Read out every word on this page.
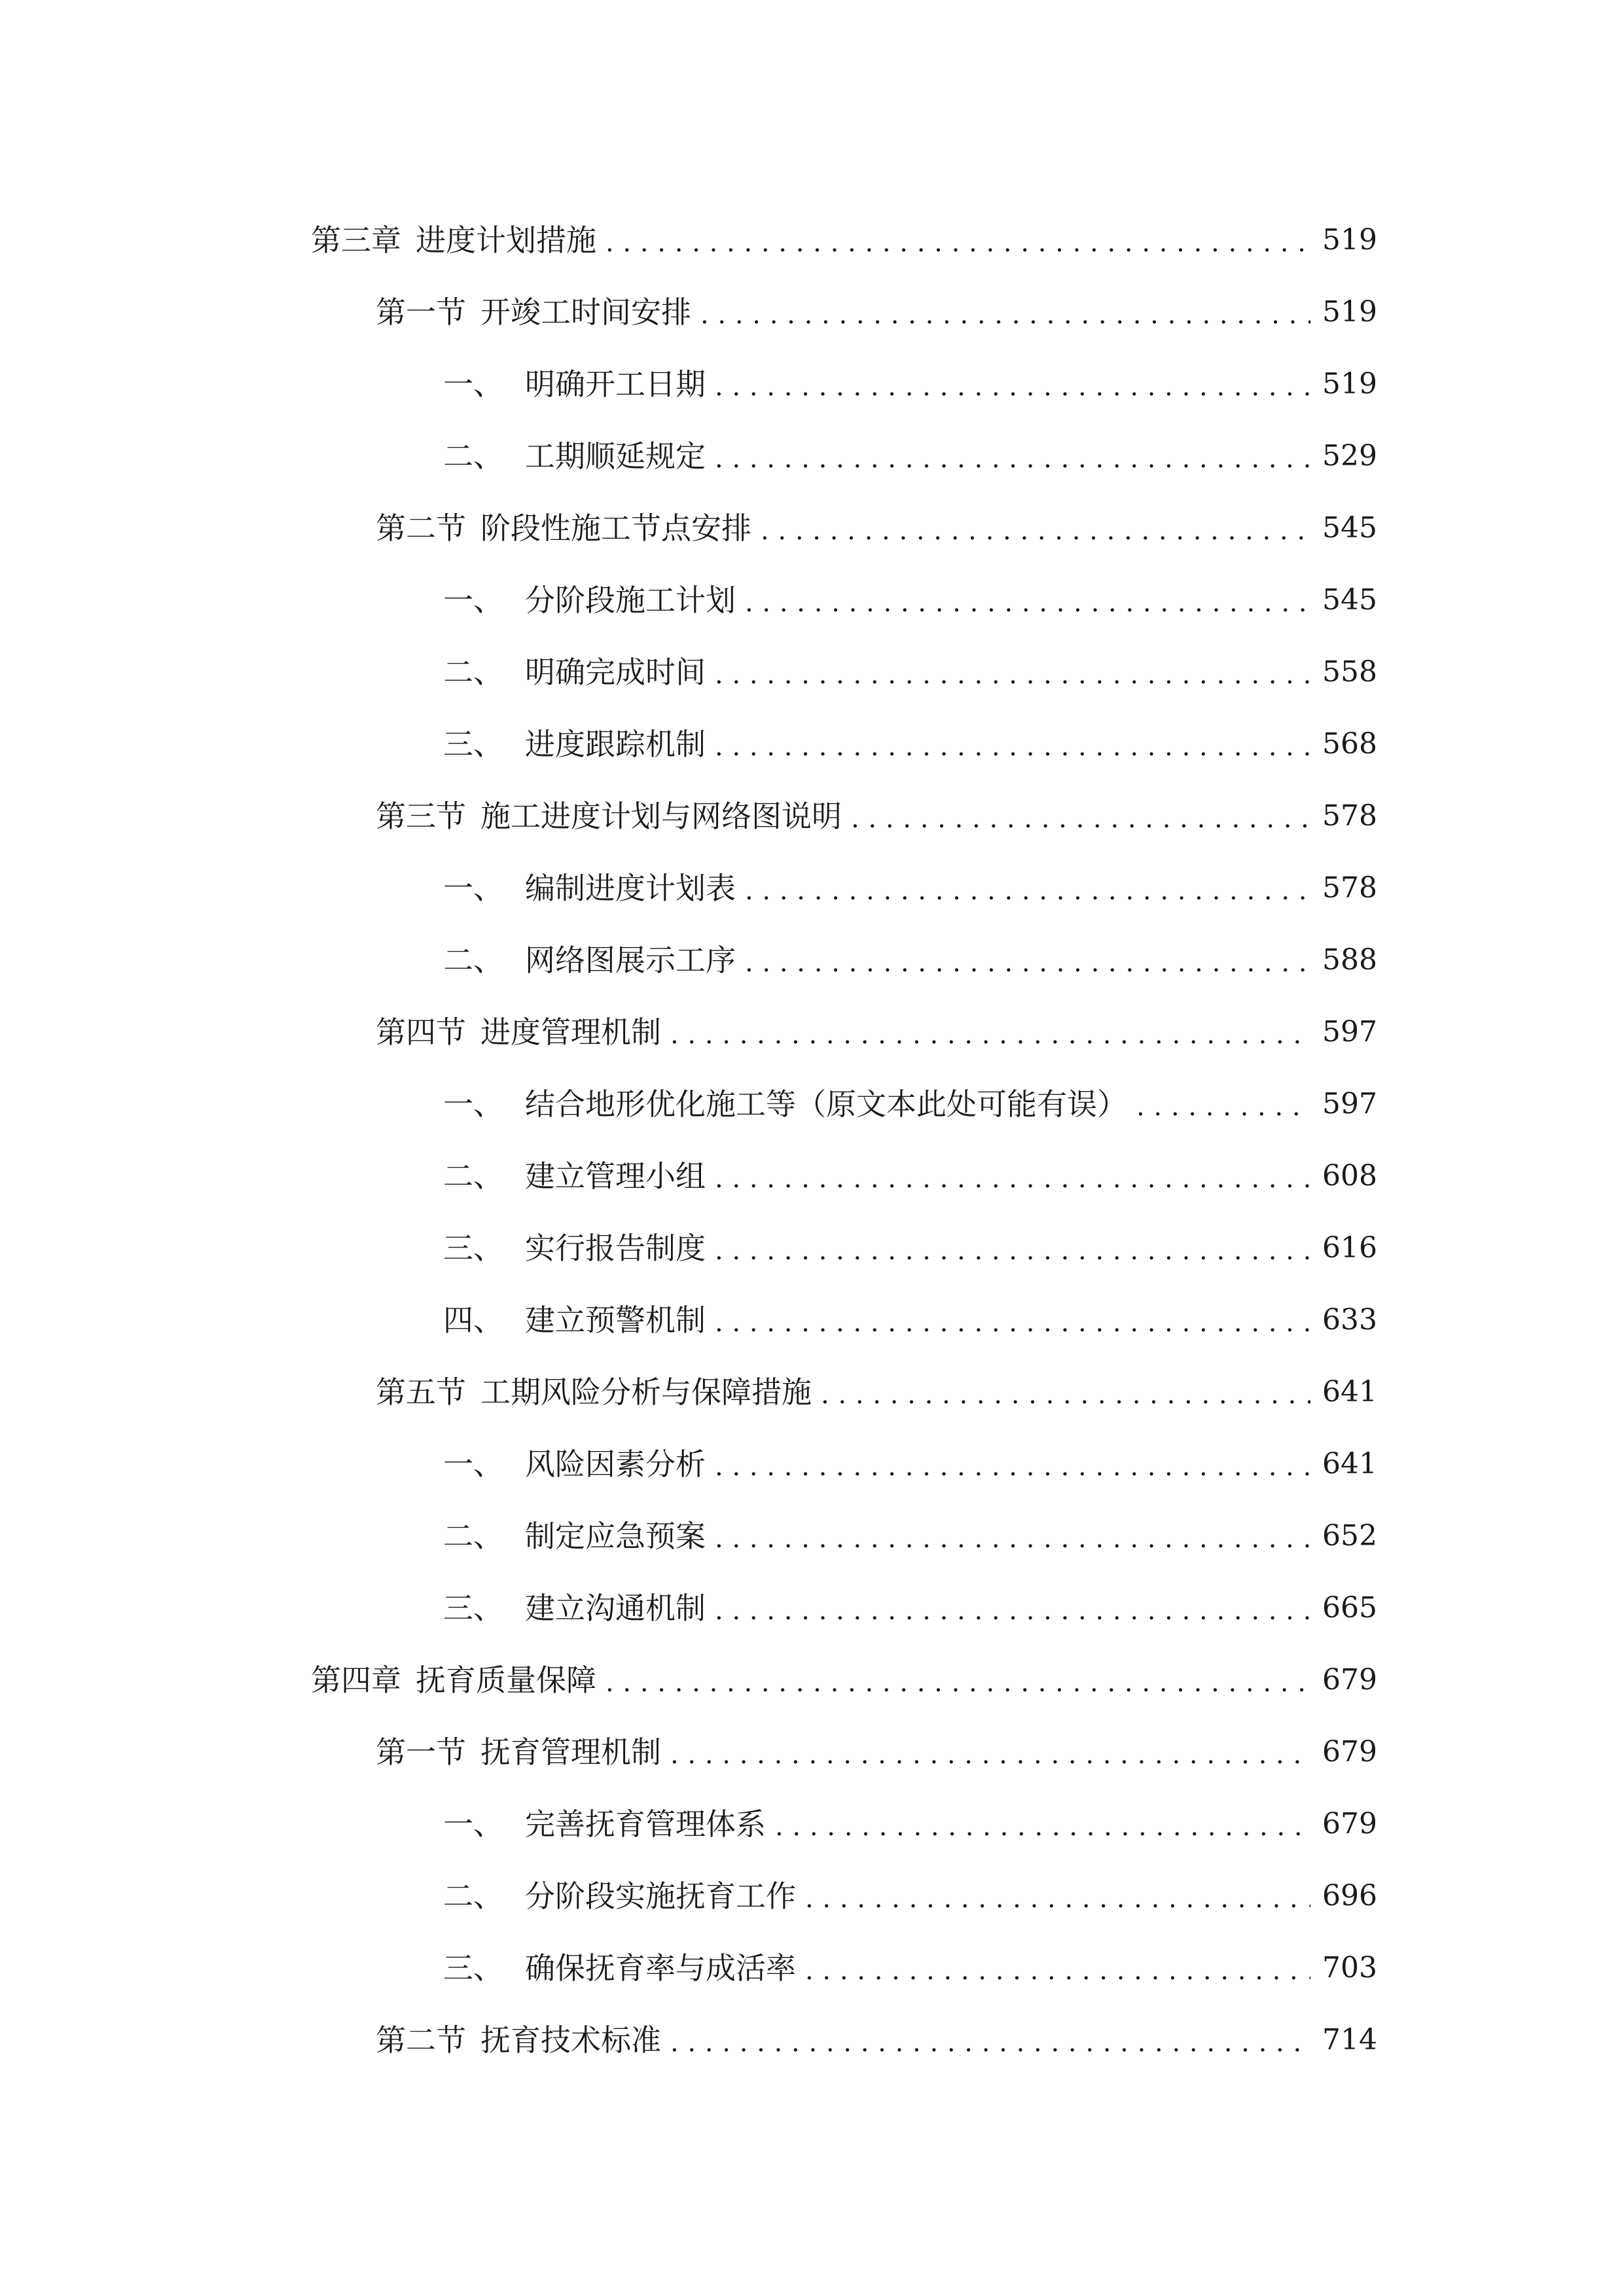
第三章 进度计划措施 . . .	519
第一节 开竣工时间安排 . . .	519
一、 明确开工日期 . . .	519
二、 工期顺延规定 . . .	529
第二节 阶段性施工节点安排 . . .	545
一、 分阶段施工计划 . . .	545
二、 明确完成时间 . . .	558
三、 进度跟踪机制 . . .	568
第三节 施工进度计划与网络图说明 . . .	578
一、 编制进度计划表 . . .	578
二、 网络图展示工序 . . .	588
第四节 进度管理机制 . . .	597
一、 结合地形优化施工等（原文本此处可能有误） . . .	597
二、 建立管理小组 . . .	608
三、 实行报告制度 . . .	616
四、 建立预警机制 . . .	633
第五节 工期风险分析与保障措施 . . .	641
一、 风险因素分析 . . .	641
二、 制定应急预案 . . .	652
三、 建立沟通机制 . . .	665
第四章 抚育质量保障 . . .	679
第一节 抚育管理机制 . . .	679
一、 完善抚育管理体系 . . .	679
二、 分阶段实施抚育工作 . . .	696
三、 确保抚育率与成活率 . . .	703
第二节 抚育技术标准 . . .	714
